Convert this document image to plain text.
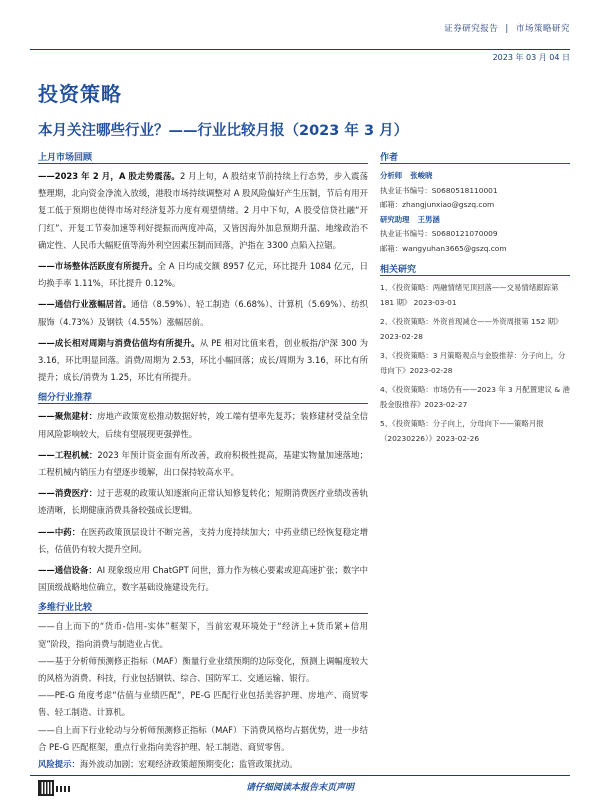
证券研究报告 | 市场策略研究
2023 年 03 月 04 日
投资策略
本月关注哪些行业？——行业比较月报（2023 年 3 月）
上月市场回顾

——2023 年 2 月，A 股走势震荡。2 月上旬，A 股结束节前持续上行态势，步入震荡整理期，北向资金净流入放缓，港股市场持续调整对 A 股风险偏好产生压制，节后有用开复工低于预期也使得市场对经济复苏力度有观望情绪。2 月中下旬，A 股受信贷社融“开门红”、开复工节奏加速等利好提振而两度冲高，又皆因海外加息预期升温、地缘政治不确定性、人民币大幅贬值等海外利空因素压制而回落，沪指在 3300 点陷入拉锯。

——市场整体活跃度有所提升。全 A 日均成交额 8957 亿元，环比提升 1084 亿元，日均换手率 1.11%，环比提升 0.12%。

——通信行业涨幅居首。通信（8.59%）、轻工制造（6.68%）、计算机（5.69%）、纺织服饰（4.73%）及钢铁（4.55%）涨幅居前。

——成长相对周期与消费估值均有所提升。从 PE 相对比值来看，创业板指/沪深 300 为 3.16，环比明显回落。消费/周期为 2.53，环比小幅回落；成长/周期为 3.16，环比有所提升；成长/消费为 1.25，环比有所提升。

细分行业推荐

——聚焦建材：房地产政策宽松推动数据好转，竣工端有望率先复苏；装修建材受益全信用风险影响较大，后续有望展现更强弹性。

——工程机械：2023 年预计资金面有所改善，政府积极性提高，基建实物量加速落地；工程机械内销压力有望逐步缓解，出口保持较高水平。

——消费医疗：过于悲观的政策认知逐渐向正常认知修复转化；短期消费医疗业绩改善轨迹清晰，长期健康消费具备较强成长逻辑。

——中药：在医药政策顶层设计不断完善，支持力度持续加大；中药业绩已经恢复稳定增长，估值仍有较大提升空间。

——通信设备：AI 现象级应用 ChatGPT 问世，算力作为核心要素或迎高速扩张；数字中国顶级战略地位确立，数字基础设施建设先行。

多维行业比较

——自上而下的“货币-信用-实体”框架下，当前宏观环境处于“经济上+货币紧+信用宽”阶段，指向消费与制造业占优。

——基于分析师预测修正指标（MAF）衡量行业业绩预期的边际变化，预测上调幅度较大的风格为消费、科技，行业包括钢铁、综合、国防军工、交通运输、银行。

——PE-G 角度考虑“估值与业绩匹配”，PE-G 匹配行业包括美容护理、房地产、商贸零售、轻工制造、计算机。

——自上而下行业轮动与分析师预测修正指标（MAF）下消费风格均占据优势，进一步结合 PE-G 匹配框架，重点行业指向美容护理、轻工制造、商贸零售。

风险提示：海外波动加剧；宏观经济政策超预期变化；监管政策扰动。

作者
分析师 张峻晓
执业证书编号：S0680518110001
邮箱：zhangjunxiao@gszq.com
研究助理 王男涵
执业证书编号：S0680121070009
邮箱：wangyuhan3665@gszq.com
相关研究
1、《投资策略：两融情绪见顶回落——交易情绪跟踪第 181 期》 2023-03-01
2、《投资策略：外资首现减仓——外资周报第 152 期》 2023-02-28
3、《投资策略：3 月策略观点与金股推荐：分子向上，分母向下》2023-02-28
4、《投资策略：市场仍有——2023 年 3 月配置建议 & 港股金股推荐》2023-02-27
5、《投资策略：分子向上，分母向下——策略月报（20230226）》2023-02-26
请仔细阅读本报告末页声明
